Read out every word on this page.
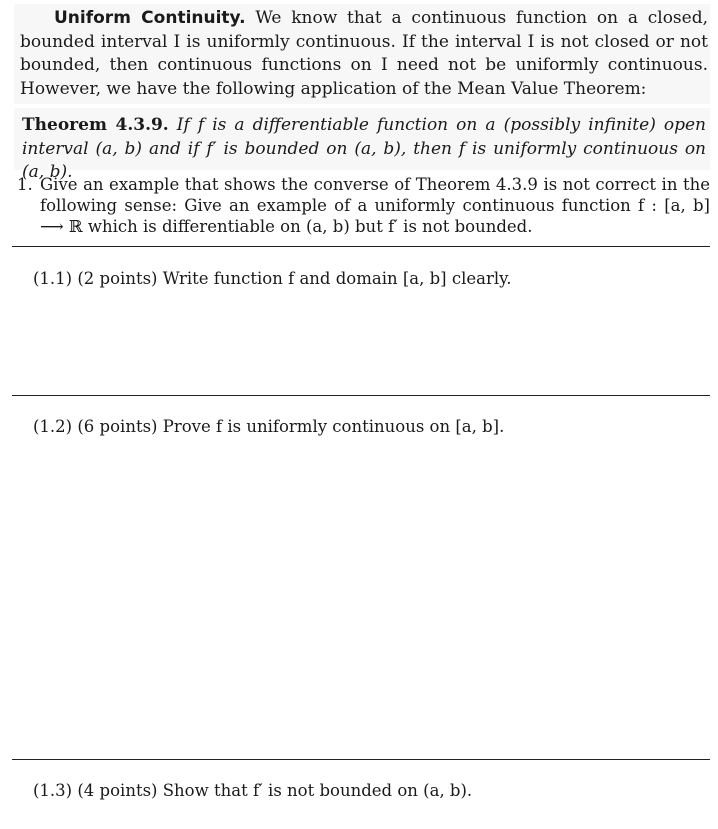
Uniform Continuity. We know that a continuous function on a closed, bounded interval I is uniformly continuous. If the interval I is not closed or not bounded, then continuous functions on I need not be uniformly continuous. However, we have the following application of the Mean Value Theorem:
Theorem 4.3.9. If f is a differentiable function on a (possibly infinite) open interval (a, b) and if f′ is bounded on (a, b), then f is uniformly continuous on (a, b).
1. Give an example that shows the converse of Theorem 4.3.9 is not correct in the following sense: Give an example of a uniformly continuous function f : [a, b] ⟶ ℝ which is differentiable on (a, b) but f′ is not bounded.
(1.1) (2 points) Write function f and domain [a, b] clearly.
(1.2) (6 points) Prove f is uniformly continuous on [a, b].
(1.3) (4 points) Show that f′ is not bounded on (a, b).
